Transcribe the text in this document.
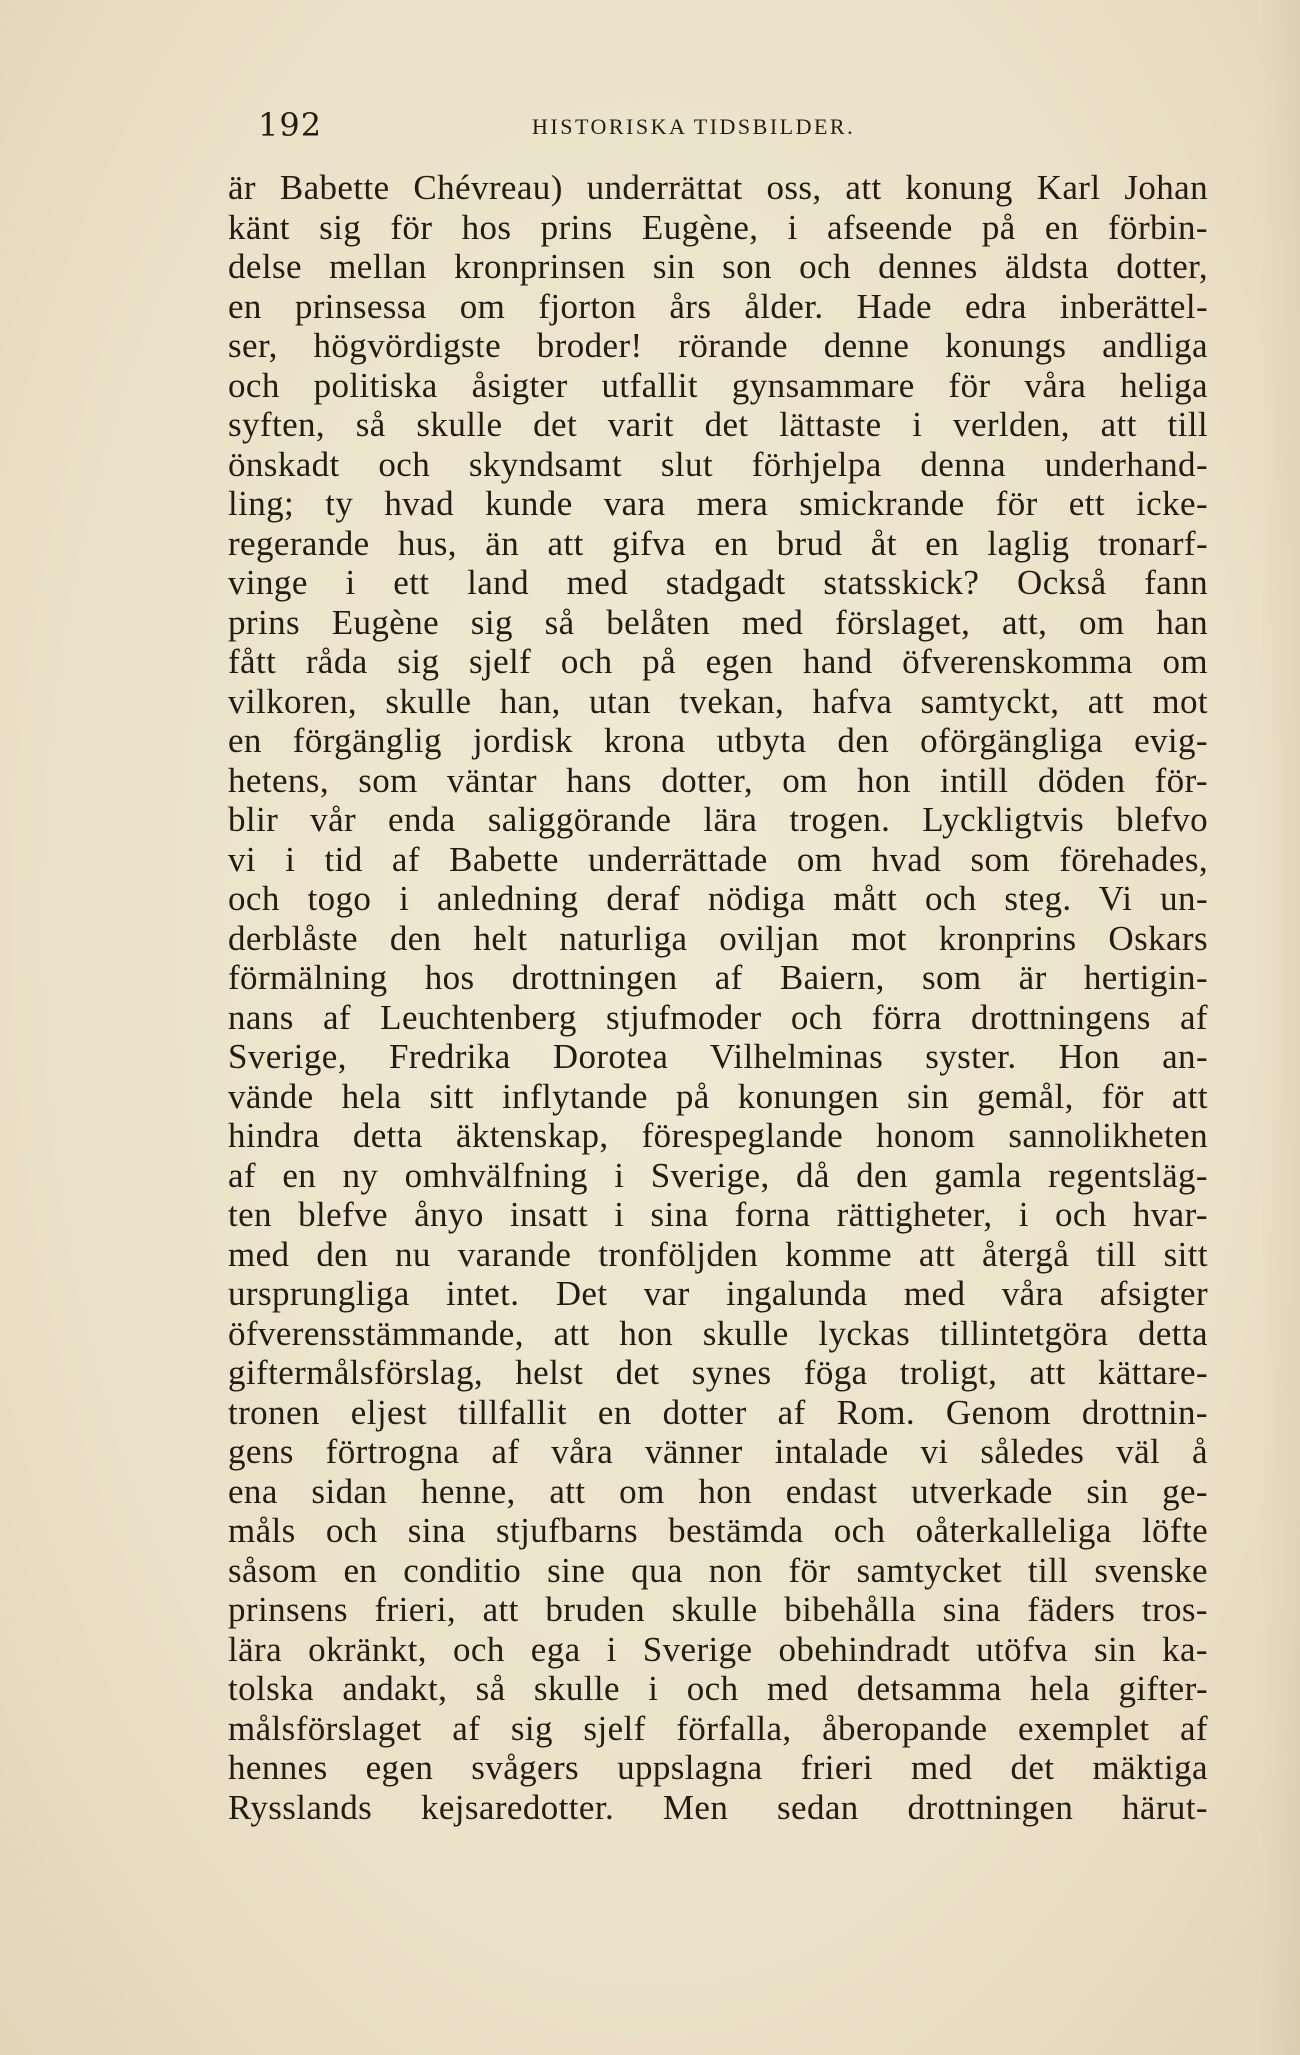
192	HISTORISKA TIDSBILDER.
är Babette Chévreau) underrättat oss, att konung Karl Johan
känt sig för hos prins Eugène, i afseende på en förbin-
delse mellan kronprinsen sin son och dennes äldsta dotter,
en prinsessa om fjorton års ålder. Hade edra inberättel-
ser, högvördigste broder! rörande denne konungs andliga
och politiska åsigter utfallit gynsammare för våra heliga
syften, så skulle det varit det lättaste i verlden, att till
önskadt och skyndsamt slut förhjelpa denna underhand-
ling; ty hvad kunde vara mera smickrande för ett icke-
regerande hus, än att gifva en brud åt en laglig tronarf-
vinge i ett land med stadgadt statsskick? Också fann
prins Eugène sig så belåten med förslaget, att, om han
fått råda sig sjelf och på egen hand öfverenskomma om
vilkoren, skulle han, utan tvekan, hafva samtyckt, att mot
en förgänglig jordisk krona utbyta den oförgängliga evig-
hetens, som väntar hans dotter, om hon intill döden för-
blir vår enda saliggörande lära trogen. Lyckligtvis blefvo
vi i tid af Babette underrättade om hvad som förehades,
och togo i anledning deraf nödiga mått och steg. Vi un-
derblåste den helt naturliga oviljan mot kronprins Oskars
förmälning hos drottningen af Baiern, som är hertigin-
nans af Leuchtenberg stjufmoder och förra drottningens af
Sverige, Fredrika Dorotea Vilhelminas syster. Hon an-
vände hela sitt inflytande på konungen sin gemål, för att
hindra detta äktenskap, förespeglande honom sannolikheten
af en ny omhvälfning i Sverige, då den gamla regentsläg-
ten blefve ånyo insatt i sina forna rättigheter, i och hvar-
med den nu varande tronföljden komme att återgå till sitt
ursprungliga intet. Det var ingalunda med våra afsigter
öfverensstämmande, att hon skulle lyckas tillintetgöra detta
giftermålsförslag, helst det synes föga troligt, att kättare-
tronen eljest tillfallit en dotter af Rom. Genom drottnin-
gens förtrogna af våra vänner intalade vi således väl å
ena sidan henne, att om hon endast utverkade sin ge-
måls och sina stjufbarns bestämda och oåterkalleliga löfte
såsom en conditio sine qua non för samtycket till svenske
prinsens frieri, att bruden skulle bibehålla sina fäders tros-
lära okränkt, och ega i Sverige obehindradt utöfva sin ka-
tolska andakt, så skulle i och med detsamma hela gifter-
målsförslaget af sig sjelf förfalla, åberopande exemplet af
hennes egen svågers uppslagna frieri med det mäktiga
Rysslands kejsaredotter. Men sedan drottningen härut-
